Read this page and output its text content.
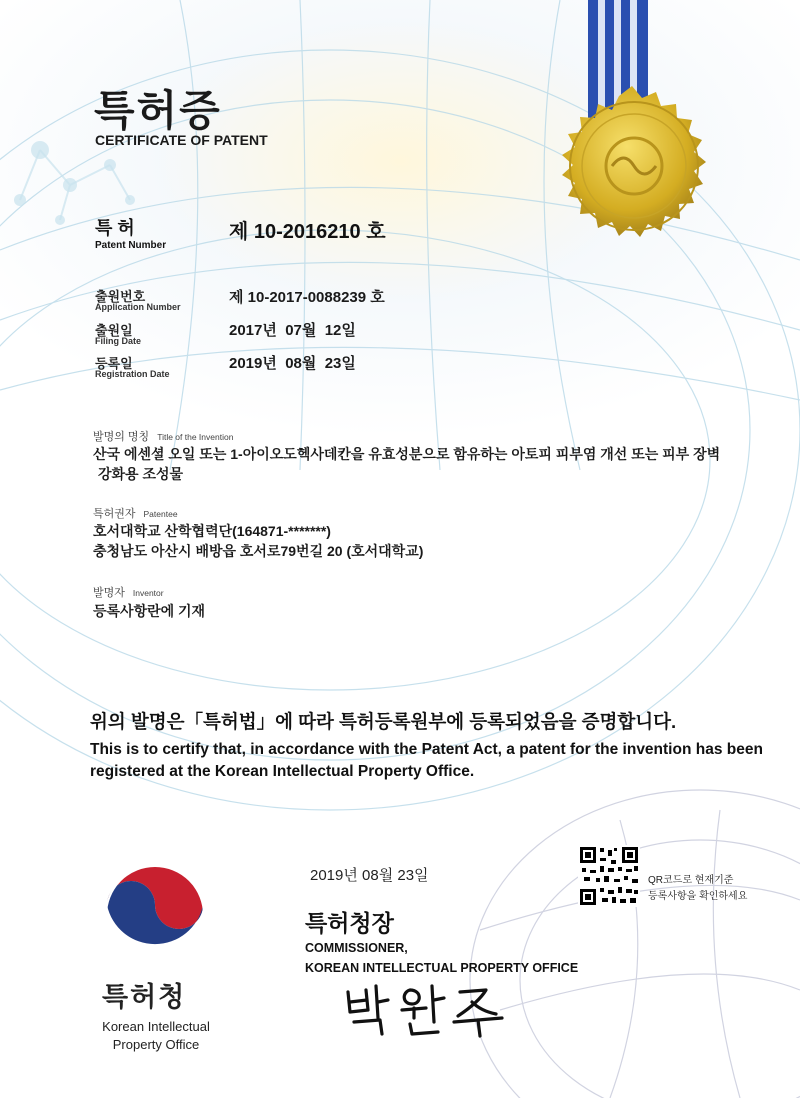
특허증
CERTIFICATE OF PATENT
특 허
Patent Number
제 10-2016210 호
출원번호
Application Number
제 10-2017-0088239 호
출원일
Filing Date
2017년  07월  12일
등록일
Registration Date
2019년  08월  23일
발명의 명칭 Title of the Invention
산국 에센셜 오일 또는 1-아이오도헥사데칸을 유효성분으로 함유하는 아토피 피부염 개선 또는 피부 장벽
강화용 조성물
특허권자 Patentee
호서대학교 산학협력단(164871-*******)
충청남도 아산시 배방읍 호서로79번길 20 (호서대학교)
발명자 Inventor
등록사항란에 기재
위의 발명은「특허법」에 따라 특허등록원부에 등록되었음을 증명합니다.
This is to certify that, in accordance with the Patent Act, a patent for the invention has been registered at the Korean Intellectual Property Office.
2019년 08월 23일
특허청장
COMMISSIONER,
KOREAN INTELLECTUAL PROPERTY OFFICE
QR코드로 현재기준
등록사항을 확인하세요
특허청
Korean Intellectual Property Office
